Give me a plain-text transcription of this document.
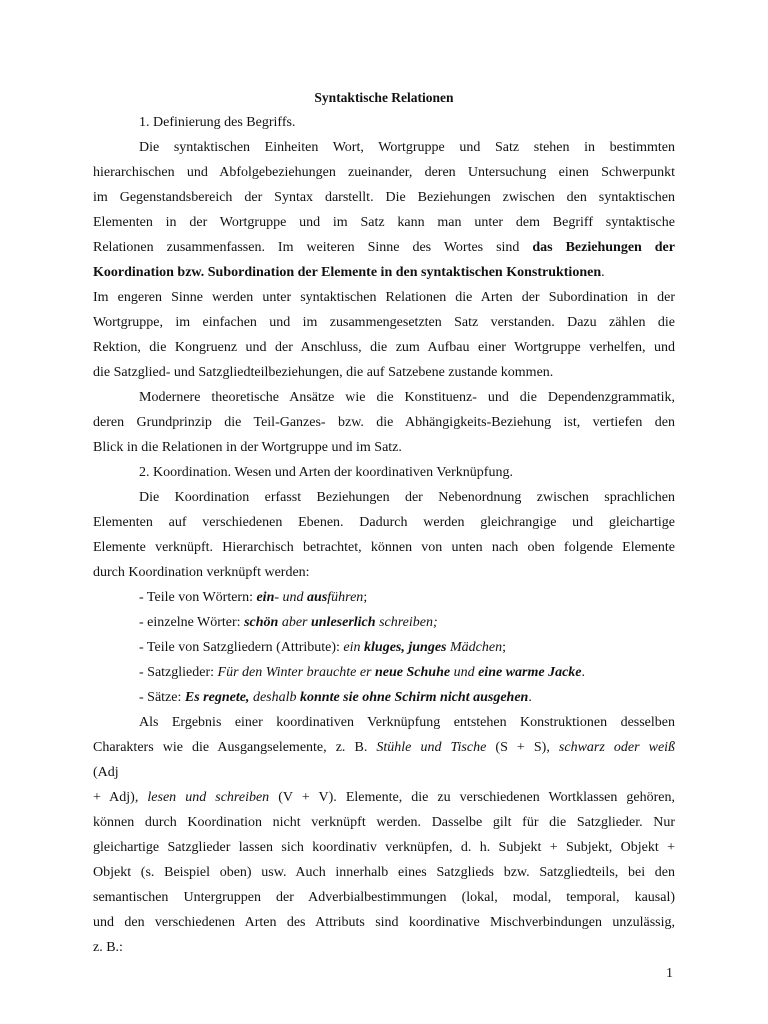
Syntaktische Relationen
1. Definierung des Begriffs.
Die syntaktischen Einheiten Wort, Wortgruppe und Satz stehen in bestimmten
hierarchischen und Abfolgebeziehungen zueinander, deren Untersuchung einen Schwerpunkt
im Gegenstandsbereich der Syntax darstellt. Die Beziehungen zwischen den syntaktischen
Elementen in der Wortgruppe und im Satz kann man unter dem Begriff syntaktische
Relationen zusammenfassen. Im weiteren Sinne des Wortes sind das Beziehungen der
Koordination bzw. Subordination der Elemente in den syntaktischen Konstruktionen.
Im engeren Sinne werden unter syntaktischen Relationen die Arten der Subordination in der
Wortgruppe, im einfachen und im zusammengesetzten Satz verstanden. Dazu zählen die
Rektion, die Kongruenz und der Anschluss, die zum Aufbau einer Wortgruppe verhelfen, und
die Satzglied- und Satzgliedteilbeziehungen, die auf Satzebene zustande kommen.
Modernere theoretische Ansätze wie die Konstituenz- und die Dependenzgrammatik,
deren Grundprinzip die Teil-Ganzes- bzw. die Abhängigkeits-Beziehung ist, vertiefen den
Blick in die Relationen in der Wortgruppe und im Satz.
2. Koordination. Wesen und Arten der koordinativen Verknüpfung.
Die Koordination erfasst Beziehungen der Nebenordnung zwischen sprachlichen
Elementen auf verschiedenen Ebenen. Dadurch werden gleichrangige und gleichartige
Elemente verknüpft. Hierarchisch betrachtet, können von unten nach oben folgende Elemente
durch Koordination verknüpft werden:
- Teile von Wörtern: ein- und ausführen;
- einzelne Wörter: schön aber unleserlich schreiben;
- Teile von Satzgliedern (Attribute): ein kluges, junges Mädchen;
- Satzglieder: Für den Winter brauchte er neue Schuhe und eine warme Jacke.
- Sätze: Es regnete, deshalb konnte sie ohne Schirm nicht ausgehen.
Als Ergebnis einer koordinativen Verknüpfung entstehen Konstruktionen desselben
Charakters wie die Ausgangselemente, z. B. Stühle und Tische (S + S), schwarz oder weiß
(Adj
+ Adj), lesen und schreiben (V + V). Elemente, die zu verschiedenen Wortklassen gehören,
können durch Koordination nicht verknüpft werden. Dasselbe gilt für die Satzglieder. Nur
gleichartige Satzglieder lassen sich koordinativ verknüpfen, d. h. Subjekt + Subjekt, Objekt +
Objekt (s. Beispiel oben) usw. Auch innerhalb eines Satzglieds bzw. Satzgliedteils, bei den
semantischen Untergruppen der Adverbialbestimmungen (lokal, modal, temporal, kausal)
und den verschiedenen Arten des Attributs sind koordinative Mischverbindungen unzulässig,
z. B.:
1
